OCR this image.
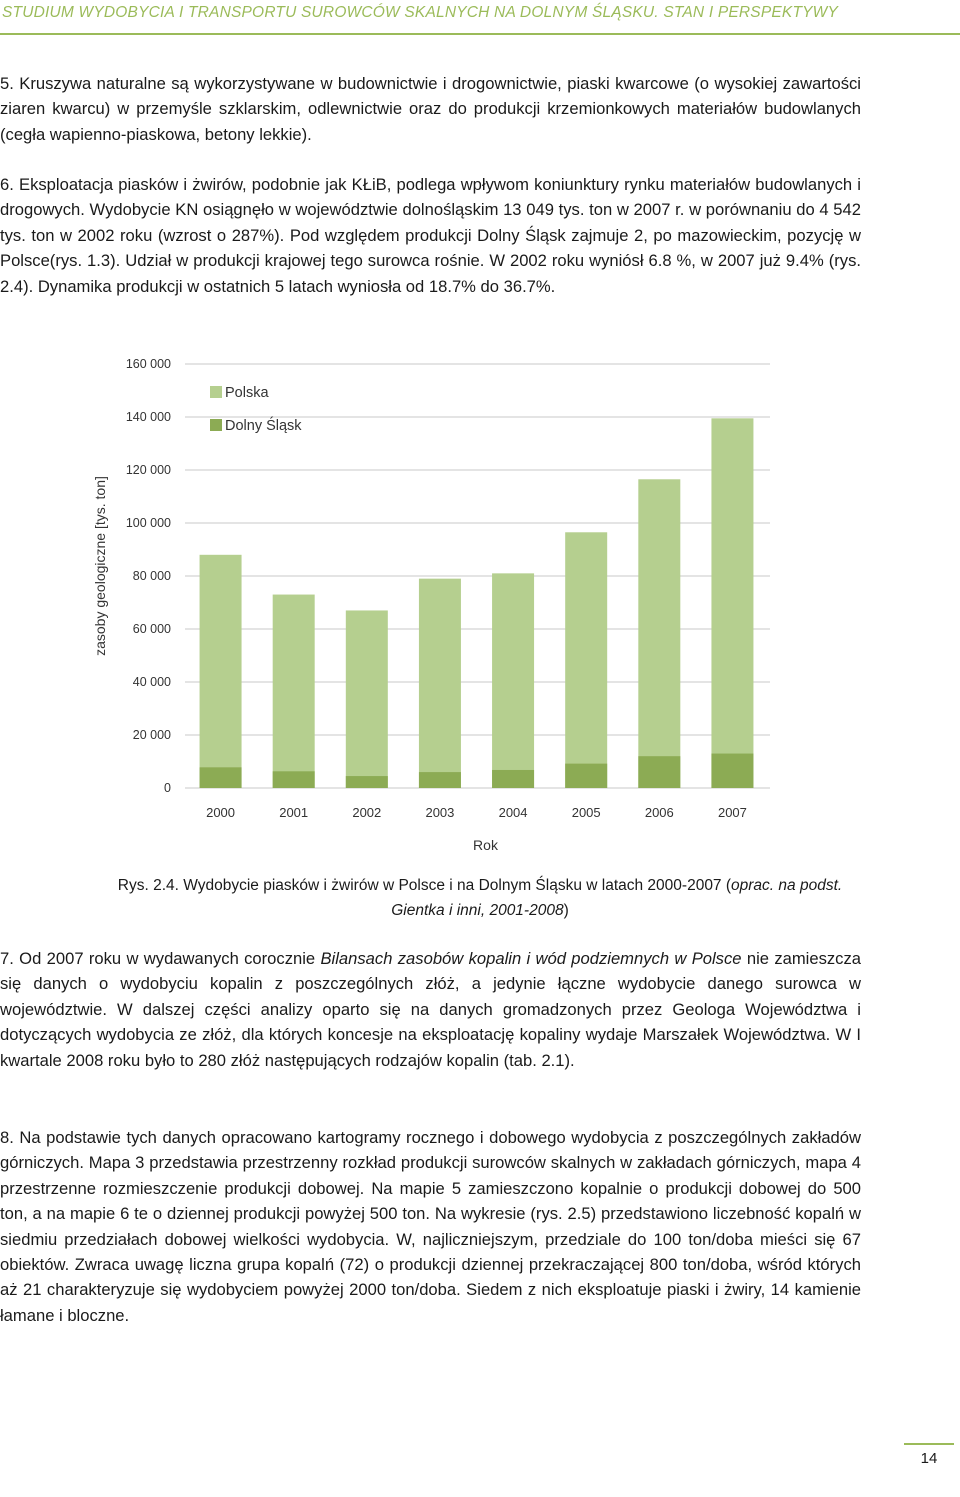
STUDIUM WYDOBYCIA I TRANSPORTU SUROWCÓW SKALNYCH NA DOLNYM ŚLĄSKU. STAN I PERSPEKTYWY

5. Kruszywa naturalne są wykorzystywane w budownictwie i drogownictwie, piaski kwarcowe (o wysokiej zawartości ziaren kwarcu) w przemyśle szklarskim, odlewnictwie oraz do produkcji krzemionkowych materiałów budowlanych (cegła wapienno-piaskowa, betony lekkie).

6. Eksploatacja piasków i żwirów, podobnie jak KŁiB, podlega wpływom koniunktury rynku materiałów budowlanych i drogowych. Wydobycie KN osiągnęło w województwie dolnośląskim 13 049 tys. ton w 2007 r. w porównaniu do 4 542 tys. ton w 2002 roku (wzrost o 287%). Pod względem produkcji Dolny Śląsk zajmuje 2, po mazowieckim, pozycję w Polsce(rys. 1.3). Udział w produkcji krajowej tego surowca rośnie. W 2002 roku wyniósł 6.8 %, w 2007 już 9.4% (rys. 2.4). Dynamika produkcji w ostatnich 5 latach wyniosła od 18.7% do 36.7%.

0
20 000
40 000
60 000
80 000
100 000
120 000
140 000
160 000
2000	2001	2002	2003	2004	2005	2006	2007
Rok
zasoby geologiczne [tys. ton]
Polska
Dolny Śląsk
Rys. 2.4. Wydobycie piasków i żwirów w Polsce i na Dolnym Śląsku w latach 2000-2007 (oprac. na podst.
Gientka i inni, 2001-2008)

7. Od 2007 roku w wydawanych corocznie Bilansach zasobów kopalin i wód podziemnych w Polsce nie zamieszcza się danych o wydobyciu kopalin z poszczególnych złóż, a jedynie łączne wydobycie danego surowca w województwie. W dalszej części analizy oparto się na danych gromadzonych przez Geologa Województwa i dotyczących wydobycia ze złóż, dla których koncesje na eksploatację kopaliny wydaje Marszałek Województwa. W I kwartale 2008 roku było to 280 złóż następujących rodzajów kopalin (tab. 2.1).

8. Na podstawie tych danych opracowano kartogramy rocznego i dobowego wydobycia z poszczególnych zakładów górniczych. Mapa 3 przedstawia przestrzenny rozkład produkcji surowców skalnych w zakładach górniczych, mapa 4 przestrzenne rozmieszczenie produkcji dobowej. Na mapie 5 zamieszczono kopalnie o produkcji dobowej do 500 ton, a na mapie 6 te o dziennej produkcji powyżej 500 ton. Na wykresie (rys. 2.5) przedstawiono liczebność kopalń w siedmiu przedziałach dobowej wielkości wydobycia. W, najliczniejszym, przedziale do 100 ton/doba mieści się 67 obiektów. Zwraca uwagę liczna grupa kopalń (72) o produkcji dziennej przekraczającej 800 ton/doba, wśród których aż 21 charakteryzuje się wydobyciem powyżej 2000 ton/doba. Siedem z nich eksploatuje piaski i żwiry, 14 kamienie łamane i bloczne.

14
